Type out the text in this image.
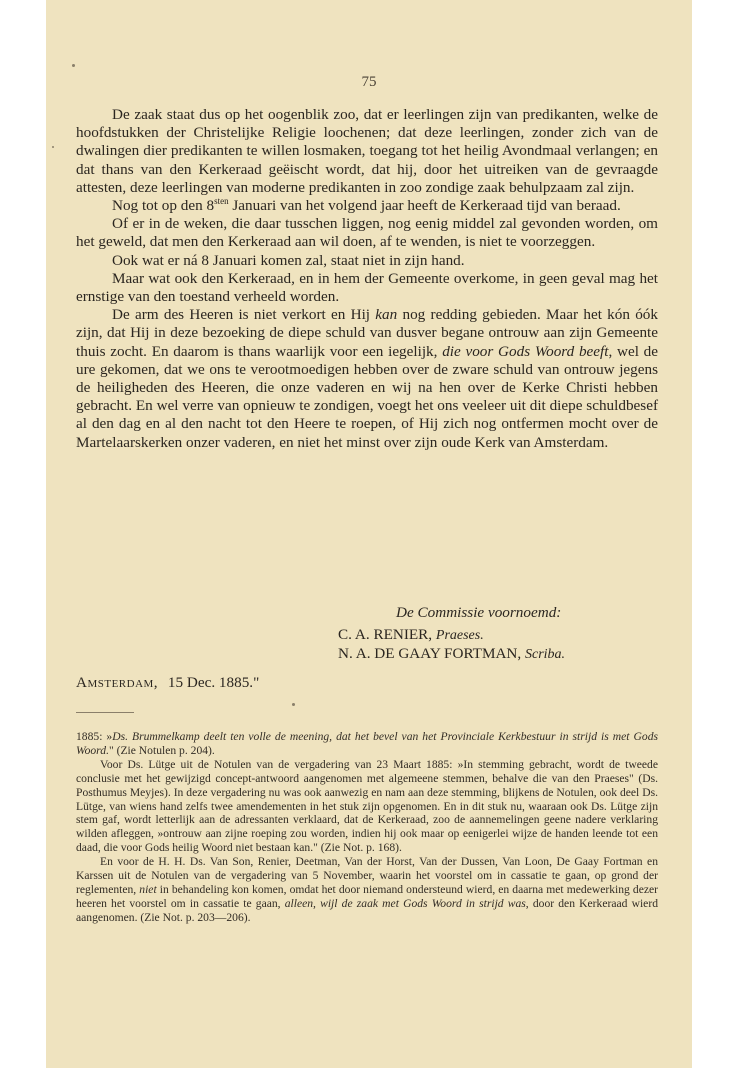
75

De zaak staat dus op het oogenblik zoo, dat er leerlingen zijn van predikanten, welke de hoofdstukken der Christelijke Religie loochenen; dat deze leerlingen, zonder zich van de dwalingen dier predikanten te willen losmaken, toegang tot het heilig Avondmaal verlangen; en dat thans van den Kerkeraad geëischt wordt, dat hij, door het uitreiken van de gevraagde attesten, deze leerlingen van moderne predikanten in zoo zondige zaak behulpzaam zal zijn.

Nog tot op den $8^{sten}$ Januari van het volgend jaar heeft de Kerkeraad tijd van beraad.

Of er in de weken, die daar tusschen liggen, nog eenig middel zal gevonden worden, om het geweld, dat men den Kerkeraad aan wil doen, af te wenden, is niet te voorzeggen.

Ook wat er ná 8 Januari komen zal, staat niet in zijn hand.

Maar wat ook den Kerkeraad, en in hem der Gemeente overkome, in geen geval mag het ernstige van den toestand verheeld worden.

De arm des Heeren is niet verkort en Hij kan nog redding gebieden. Maar het kón óók zijn, dat Hij in deze bezoeking de diepe schuld van dusver begane ontrouw aan zijn Gemeente thuis zocht. En daarom is thans waarlijk voor een iegelijk, die voor Gods Woord beeft, wel de ure gekomen, dat we ons te verootmoedigen hebben over de zware schuld van ontrouw jegens de heiligheden des Heeren, die onze vaderen en wij na hen over de Kerke Christi hebben gebracht. En wel verre van opnieuw te zondigen, voegt het ons veeleer uit dit diepe schuldbesef al den dag en al den nacht tot den Heere te roepen, of Hij zich nog ontfermen mocht over de Martelaarskerken onzer vaderen, en niet het minst over zijn oude Kerk van Amsterdam.

De Commissie voornoemd:
C. A. RENIER, Praeses.
N. A. DE GAAY FORTMAN, Scriba.
Amsterdam, 15 Dec. 1885."

1885: »Ds. Brummelkamp deelt ten volle de meening, dat het bevel van het Provinciale Kerkbestuur in strijd is met Gods Woord." (Zie Notulen p. 204).

Voor Ds. Lütge uit de Notulen van de vergadering van 23 Maart 1885: »In stemming gebracht, wordt de tweede conclusie met het gewijzigd concept-antwoord aangenomen met algemeene stemmen, behalve die van den Praeses" (Ds. Posthumus Meyjes). In deze vergadering nu was ook aanwezig en nam aan deze stemming, blijkens de Notulen, ook deel Ds. Lütge, van wiens hand zelfs twee amendementen in het stuk zijn opgenomen. En in dit stuk nu, waaraan ook Ds. Lütge zijn stem gaf, wordt letterlijk aan de adressanten verklaard, dat de Kerkeraad, zoo de aannemelingen geene nadere verklaring wilden afleggen, »ontrouw aan zijne roeping zou worden, indien hij ook maar op eenigerlei wijze de handen leende tot een daad, die voor Gods heilig Woord niet bestaan kan." (Zie Not. p. 168).

En voor de H. H. Ds. Van Son, Renier, Deetman, Van der Horst, Van der Dussen, Van Loon, De Gaay Fortman en Karssen uit de Notulen van de vergadering van 5 November, waarin het voorstel om in cassatie te gaan, op grond der reglementen, niet in behandeling kon komen, omdat het door niemand ondersteund wierd, en daarna met medewerking dezer heeren het voorstel om in cassatie te gaan, alleen, wijl de zaak met Gods Woord in strijd was, door den Kerkeraad wierd aangenomen. (Zie Not. p. 203—206).
